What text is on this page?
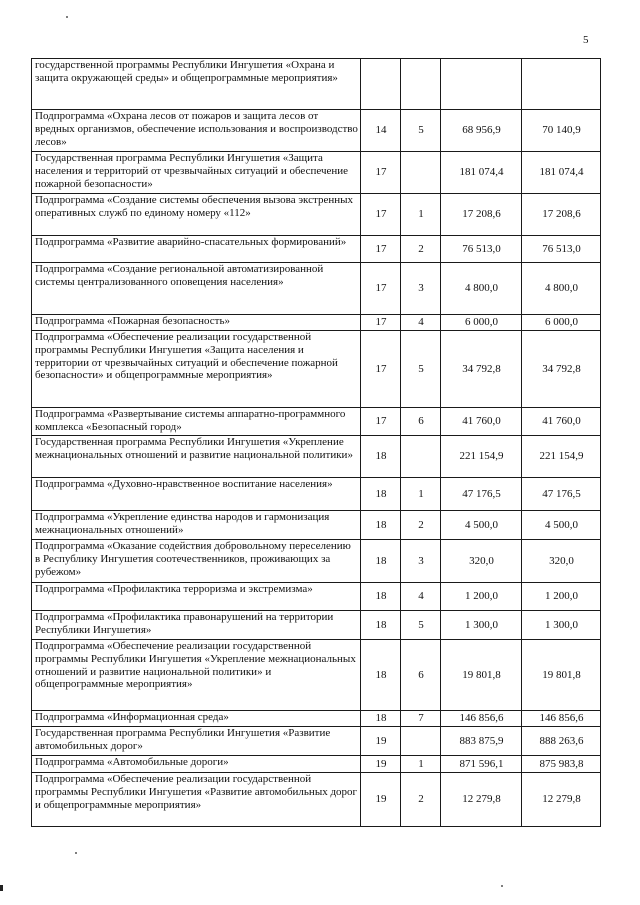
5
государственной программы Республики Ингушетия «Охрана и защита окружающей среды» и общепрограммные мероприятия»				
Подпрограмма «Охрана лесов от пожаров и защита лесов от вредных организмов, обеспечение использования и воспроизводство лесов»	14	5	68 956,9	70 140,9
Государственная программа Республики Ингушетия «Защита населения и территорий от чрезвычайных ситуаций и обеспечение пожарной безопасности»	17		181 074,4	181 074,4
Подпрограмма «Создание системы обеспечения вызова экстренных оперативных служб по единому номеру «112»	17	1	17 208,6	17 208,6
Подпрограмма «Развитие аварийно-спасательных формирований»	17	2	76 513,0	76 513,0
Подпрограмма «Создание региональной автоматизированной системы централизованного оповещения населения»	17	3	4 800,0	4 800,0
Подпрограмма «Пожарная безопасность»	17	4	6 000,0	6 000,0
Подпрограмма «Обеспечение реализации государственной программы Республики Ингушетия «Защита населения и территории от чрезвычайных ситуаций и обеспечение пожарной безопасности» и общепрограммные мероприятия»	17	5	34 792,8	34 792,8
Подпрограмма «Развертывание системы аппаратно-программного комплекса «Безопасный город»	17	6	41 760,0	41 760,0
Государственная программа Республики Ингушетия «Укрепление межнациональных отношений и развитие национальной политики»	18		221 154,9	221 154,9
Подпрограмма «Духовно-нравственное воспитание населения»	18	1	47 176,5	47 176,5
Подпрограмма «Укрепление единства народов и гармонизация межнациональных отношений»	18	2	4 500,0	4 500,0
Подпрограмма «Оказание содействия добровольному переселению в Республику Ингушетия соотечественников, проживающих за рубежом»	18	3	320,0	320,0
Подпрограмма «Профилактика терроризма и экстремизма»	18	4	1 200,0	1 200,0
Подпрограмма «Профилактика правонарушений на территории Республики Ингушетия»	18	5	1 300,0	1 300,0
Подпрограмма «Обеспечение реализации государственной программы Республики Ингушетия «Укрепление межнациональных отношений и развитие национальной политики» и общепрограммные мероприятия»	18	6	19 801,8	19 801,8
Подпрограмма «Информационная среда»	18	7	146 856,6	146 856,6
Государственная программа Республики Ингушетия «Развитие автомобильных дорог»	19		883 875,9	888 263,6
Подпрограмма «Автомобильные дороги»	19	1	871 596,1	875 983,8
Подпрограмма «Обеспечение реализации государственной программы Республики Ингушетия «Развитие автомобильных дорог и общепрограммные мероприятия»	19	2	12 279,8	12 279,8
